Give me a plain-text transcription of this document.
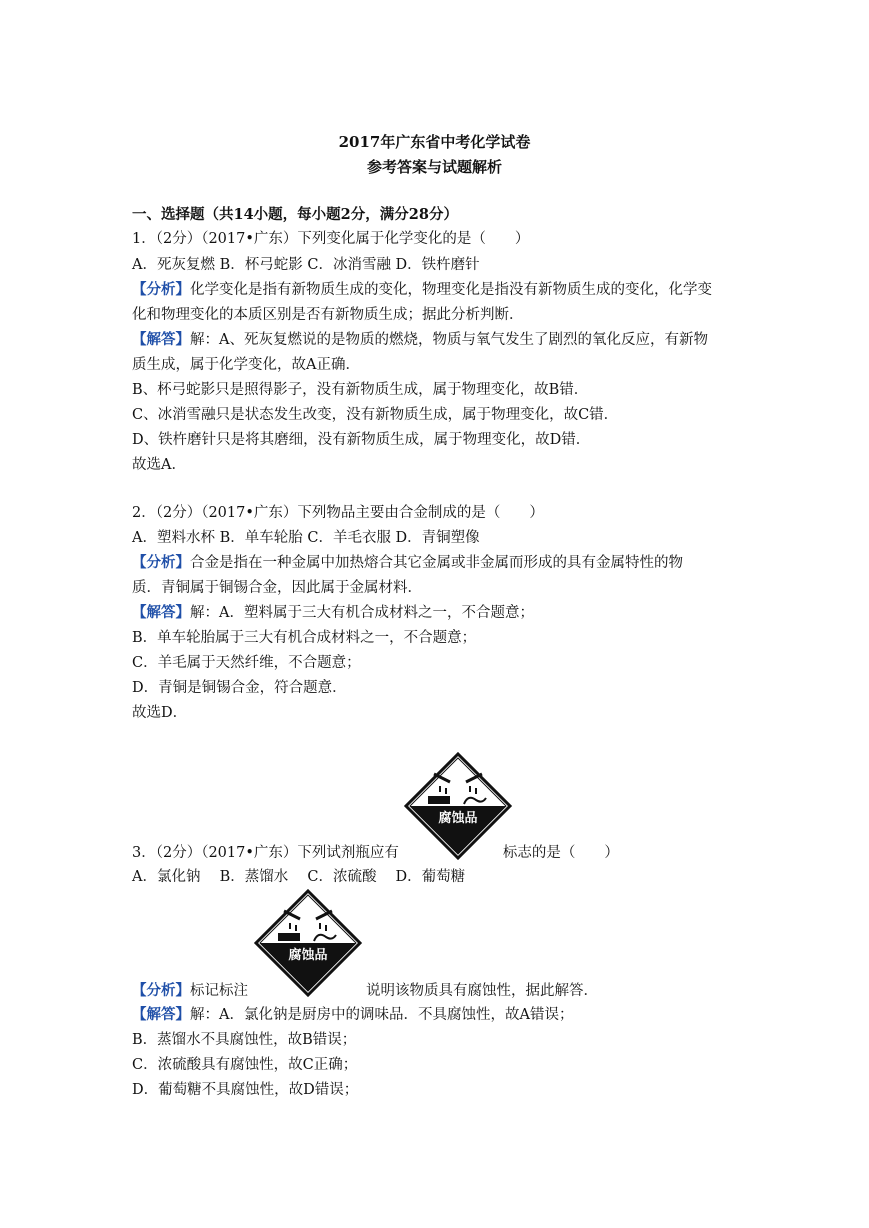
2017年广东省中考化学试卷
参考答案与试题解析
一、选择题（共14小题，每小题2分，满分28分）
1．（2分）（2017•广东）下列变化属于化学变化的是（　　）
A．死灰复燃 B．杯弓蛇影 C．冰消雪融 D．铁杵磨针
【分析】化学变化是指有新物质生成的变化，物理变化是指没有新物质生成的变化，化学变
化和物理变化的本质区别是否有新物质生成；据此分析判断．
【解答】解：A、死灰复燃说的是物质的燃烧，物质与氧气发生了剧烈的氧化反应，有新物
质生成，属于化学变化，故A正确．
B、杯弓蛇影只是照得影子，没有新物质生成，属于物理变化，故B错．
C、冰消雪融只是状态发生改变，没有新物质生成，属于物理变化，故C错．
D、铁杵磨针只是将其磨细，没有新物质生成，属于物理变化，故D错．
故选A．
2．（2分）（2017•广东）下列物品主要由合金制成的是（　　）
A．塑料水杯 B．单车轮胎 C．羊毛衣服 D．青铜塑像
【分析】合金是指在一种金属中加热熔合其它金属或非金属而形成的具有金属特性的物
质．青铜属于铜锡合金，因此属于金属材料．
【解答】解：A．塑料属于三大有机合成材料之一，不合题意；
B．单车轮胎属于三大有机合成材料之一，不合题意；
C．羊毛属于天然纤维，不合题意；
D．青铜是铜锡合金，符合题意．
故选D．
腐蚀品
3．（2分）（2017•广东）下列试剂瓶应有	标志的是（　　）
A．氯化钠　 B．蒸馏水　 C．浓硫酸　 D．葡萄糖
腐蚀品
【分析】标记标注	说明该物质具有腐蚀性，据此解答．
【解答】解：A．氯化钠是厨房中的调味品．不具腐蚀性，故A错误；
B．蒸馏水不具腐蚀性，故B错误；
C．浓硫酸具有腐蚀性，故C正确；
D．葡萄糖不具腐蚀性，故D错误；
